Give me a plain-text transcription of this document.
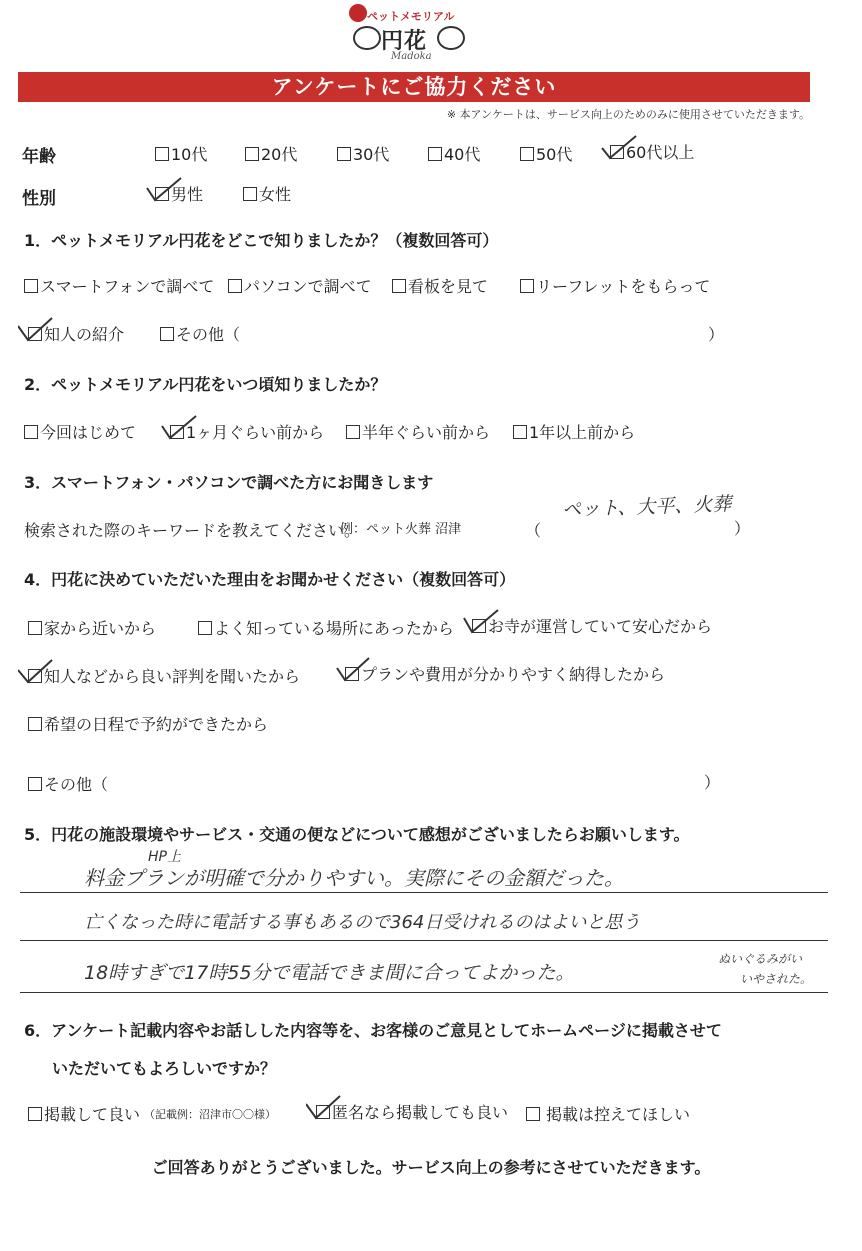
ペットメモリアル
円花
Madoka
アンケートにご協力ください
※ 本アンケートは、サービス向上のためのみに使用させていただきます。
年齢	10代	20代	30代	40代	50代	60代以上
性別	男性	女性
1．ペットメモリアル円花をどこで知りましたか？（複数回答可）
スマートフォンで調べて パソコンで調べて 看板を見て	リーフレットをもらって
知人の紹介	その他（	）
2．ペットメモリアル円花をいつ頃知りましたか？
今回はじめて	1ヶ月ぐらい前から 半年ぐらい前から 1年以上前から
3．スマートフォン・パソコンで調べた方にお聞きします
検索された際のキーワードを教えてください。
例：ペット火葬 沼津	（
ペット、大平、火葬
）
4．円花に決めていただいた理由をお聞かせください（複数回答可）
家から近いから	よく知っている場所にあったから お寺が運営していて安心だから
知人などから良い評判を聞いたから	プランや費用が分かりやすく納得したから
希望の日程で予約ができたから
その他（	）
5．円花の施設環境やサービス・交通の便などについて感想がございましたらお願いします。
HP上
料金プランが明確で分かりやすい。実際にその金額だった。
亡くなった時に電話する事もあるので364日受けれるのはよいと思う
18時すぎで17時55分で電話できま間に合ってよかった。
ぬいぐるみがい
いやされた。
6．アンケート記載内容やお話しした内容等を、お客様のご意見としてホームページに掲載させて
いただいてもよろしいですか？
掲載して良い （記載例：沼津市〇〇様）	匿名なら掲載しても良い 掲載は控えてほしい
ご回答ありがとうございました。サービス向上の参考にさせていただきます。
